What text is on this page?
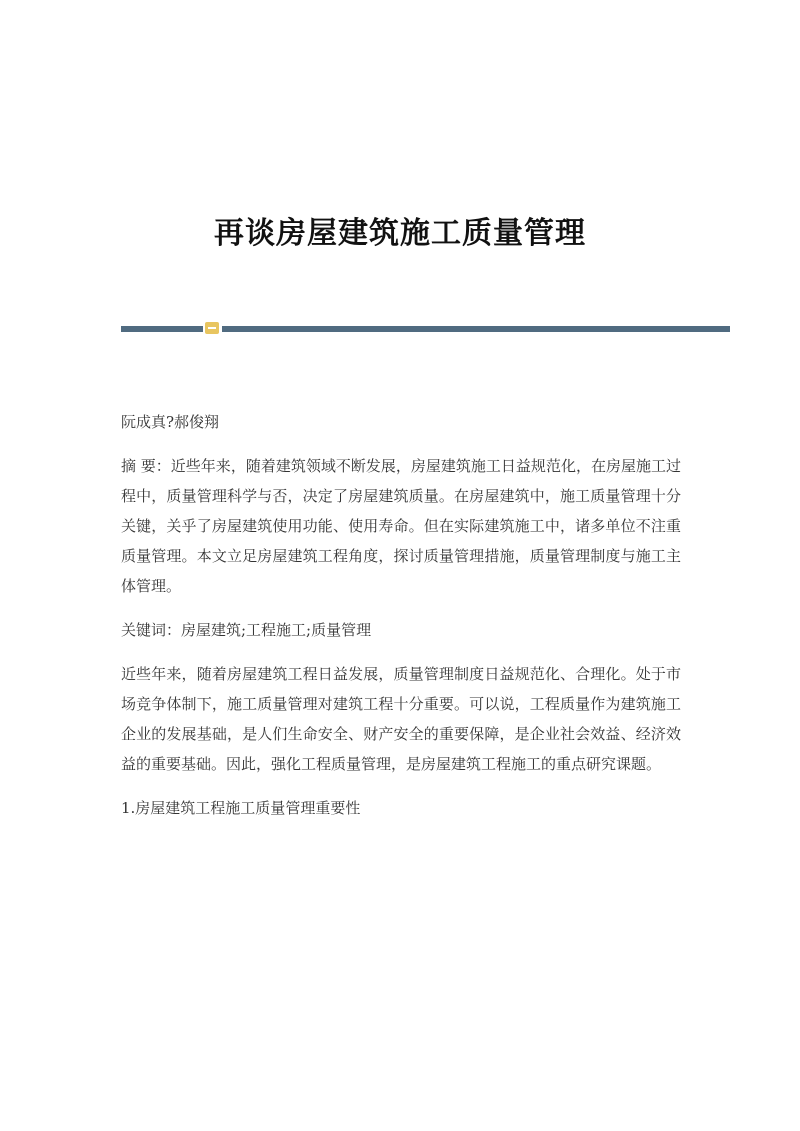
再谈房屋建筑施工质量管理

阮成真?郝俊翔

摘 要：近些年来，随着建筑领域不断发展，房屋建筑施工日益规范化，在房屋施工过程中，质量管理科学与否，决定了房屋建筑质量。在房屋建筑中，施工质量管理十分关键，关乎了房屋建筑使用功能、使用寿命。但在实际建筑施工中，诸多单位不注重质量管理。本文立足房屋建筑工程角度，探讨质量管理措施，质量管理制度与施工主体管理。

关键词：房屋建筑;工程施工;质量管理

近些年来，随着房屋建筑工程日益发展，质量管理制度日益规范化、合理化。处于市场竞争体制下，施工质量管理对建筑工程十分重要。可以说，工程质量作为建筑施工企业的发展基础，是人们生命安全、财产安全的重要保障，是企业社会效益、经济效益的重要基础。因此，强化工程质量管理，是房屋建筑工程施工的重点研究课题。

1.房屋建筑工程施工质量管理重要性
